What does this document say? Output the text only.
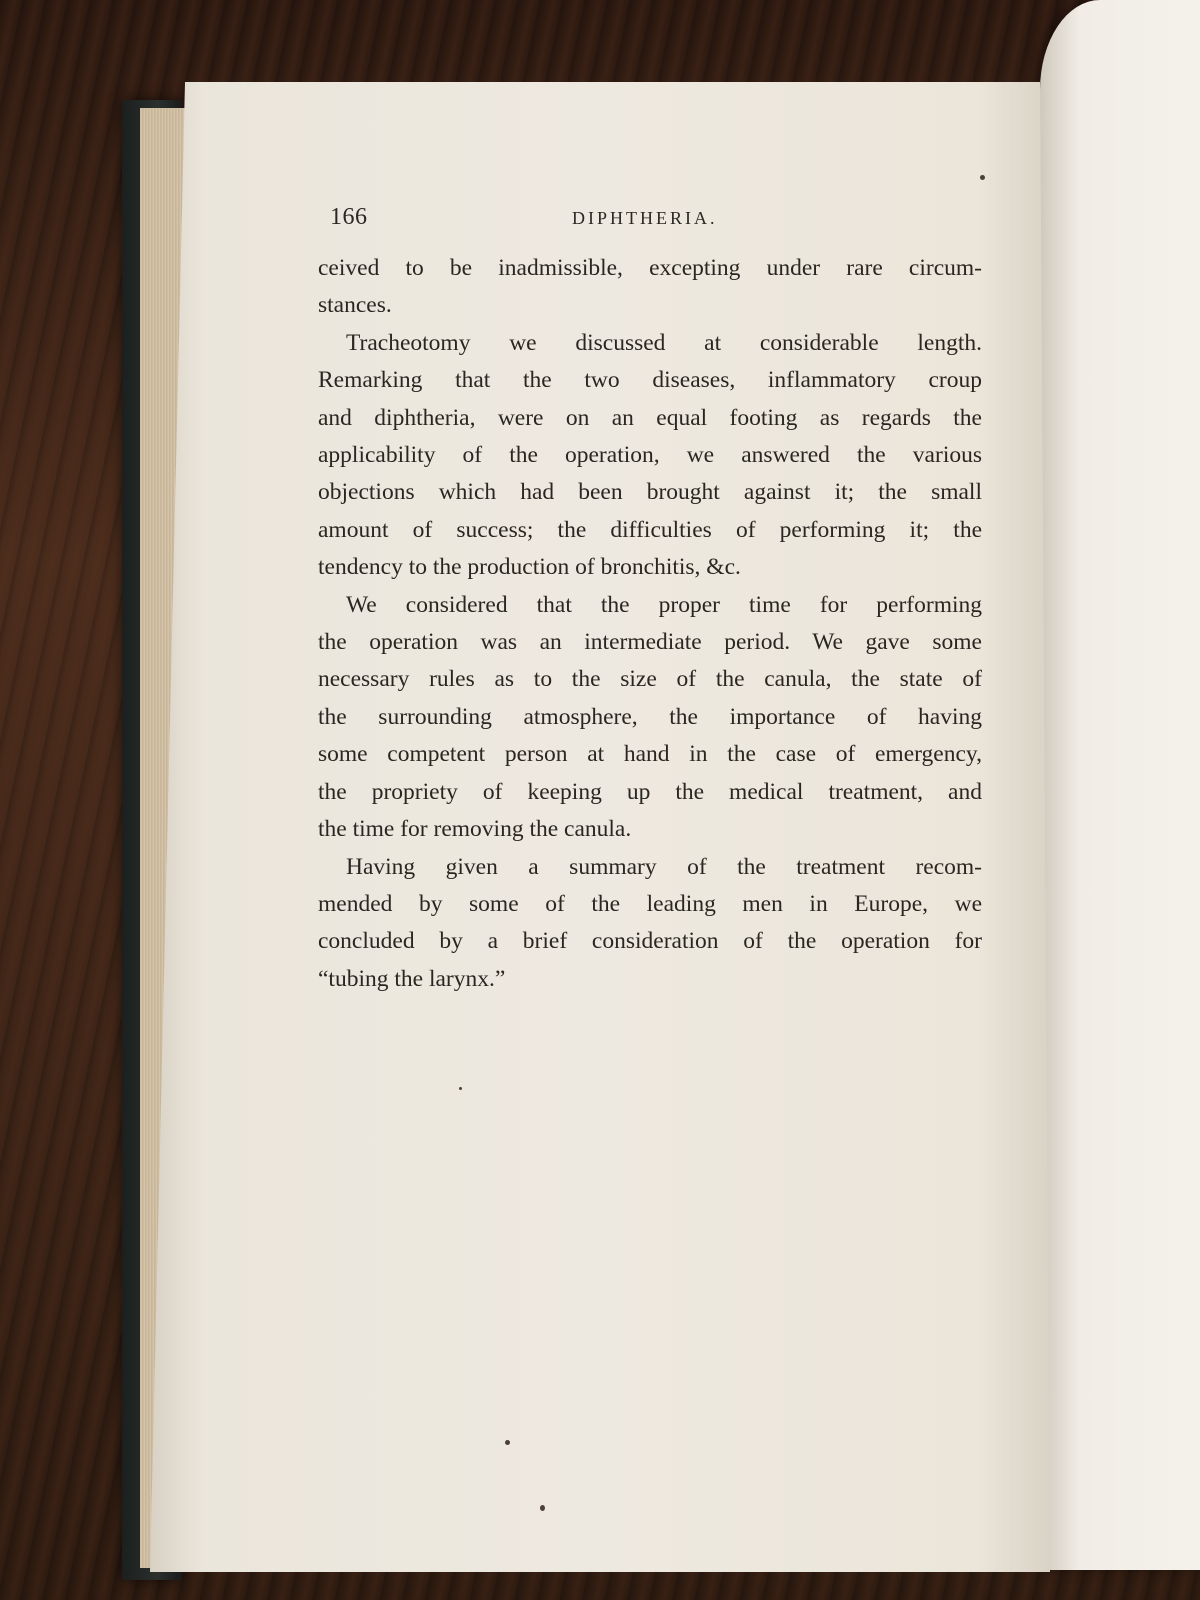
166	DIPHTHERIA.
ceived to be inadmissible, excepting under rare circum-
stances.
Tracheotomy we discussed at considerable length.
Remarking that the two diseases, inflammatory croup
and diphtheria, were on an equal footing as regards the
applicability of the operation, we answered the various
objections which had been brought against it; the small
amount of success; the difficulties of performing it; the
tendency to the production of bronchitis, &c.
We considered that the proper time for performing
the operation was an intermediate period. We gave some
necessary rules as to the size of the canula, the state of
the surrounding atmosphere, the importance of having
some competent person at hand in the case of emergency,
the propriety of keeping up the medical treatment, and
the time for removing the canula.
Having given a summary of the treatment recom-
mended by some of the leading men in Europe, we
concluded by a brief consideration of the operation for
“tubing the larynx.”
